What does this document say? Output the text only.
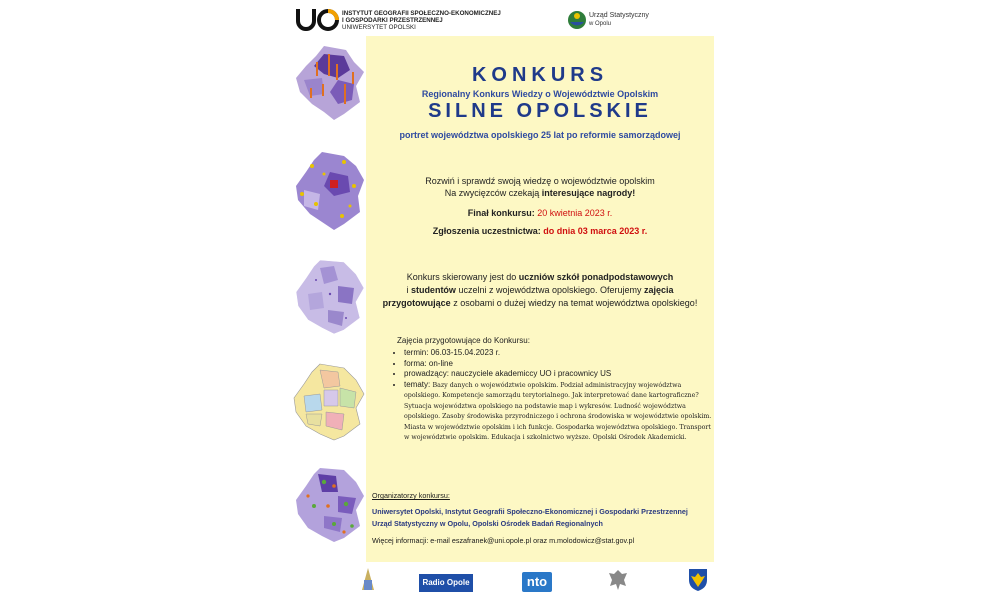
INSTYTUT GEOGRAFII SPOŁECZNO-EKONOMICZNEJ
I GOSPODARKI PRZESTRZENNEJ
UNIWERSYTET OPOLSKI
Urząd Statystyczny
w Opolu
KONKURS
Regionalny Konkurs Wiedzy o Województwie Opolskim
SILNE OPOLSKIE
portret województwa opolskiego 25 lat po reformie samorządowej
Rozwiń i sprawdź swoją wiedzę o województwie opolskim
Na zwycięzców czekają interesujące nagrody!
Finał konkursu: 20 kwietnia 2023 r.
Zgłoszenia uczestnictwa: do dnia 03 marca 2023 r.
Konkurs skierowany jest do uczniów szkół ponadpodstawowych
i studentów uczelni z województwa opolskiego. Oferujemy zajęcia
przygotowujące z osobami o dużej wiedzy na temat województwa opolskiego!
Zajęcia przygotowujące do Konkursu:
• termin: 06.03-15.04.2023 r.
• forma: on-line
• prowadzący: nauczyciele akademiccy UO i pracownicy US
• tematy: Bazy danych o województwie opolskim. Podział administracyjny województwa opolskiego. Kompetencje samorządu terytorialnego. Jak interpretować dane kartograficzne? Sytuacja województwa opolskiego na podstawie map i wykresów. Ludność województwa opolskiego. Zasoby środowiska przyrodniczego i ochrona środowiska w województwie opolskim. Miasta w województwie opolskim i ich funkcje. Gospodarka województwa opolskiego. Transport w województwie opolskim. Edukacja i szkolnictwo wyższe. Opolski Ośrodek Akademicki.
Organizatorzy konkursu:
Uniwersytet Opolski, Instytut Geografii Społeczno-Ekonomicznej i Gospodarki Przestrzennej
Urząd Statystyczny w Opolu, Opolski Ośrodek Badań Regionalnych
Więcej informacji: e-mail eszafranek@uni.opole.pl oraz m.molodowicz@stat.gov.pl
Radio Opole	nto
